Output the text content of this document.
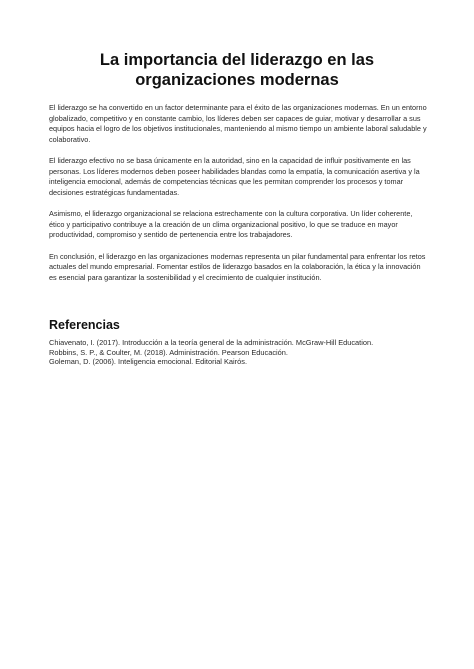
La importancia del liderazgo en las organizaciones modernas

El liderazgo se ha convertido en un factor determinante para el éxito de las organizaciones modernas. En un entorno globalizado, competitivo y en constante cambio, los líderes deben ser capaces de guiar, motivar y desarrollar a sus equipos hacia el logro de los objetivos institucionales, manteniendo al mismo tiempo un ambiente laboral saludable y colaborativo.

El liderazgo efectivo no se basa únicamente en la autoridad, sino en la capacidad de influir positivamente en las personas. Los líderes modernos deben poseer habilidades blandas como la empatía, la comunicación asertiva y la inteligencia emocional, además de competencias técnicas que les permitan comprender los procesos y tomar decisiones estratégicas fundamentadas.

Asimismo, el liderazgo organizacional se relaciona estrechamente con la cultura corporativa. Un líder coherente, ético y participativo contribuye a la creación de un clima organizacional positivo, lo que se traduce en mayor productividad, compromiso y sentido de pertenencia entre los trabajadores.

En conclusión, el liderazgo en las organizaciones modernas representa un pilar fundamental para enfrentar los retos actuales del mundo empresarial. Fomentar estilos de liderazgo basados en la colaboración, la ética y la innovación es esencial para garantizar la sostenibilidad y el crecimiento de cualquier institución.

Referencias
Chiavenato, I. (2017). Introducción a la teoría general de la administración. McGraw-Hill Education.
Robbins, S. P., & Coulter, M. (2018). Administración. Pearson Educación.
Goleman, D. (2006). Inteligencia emocional. Editorial Kairós.
